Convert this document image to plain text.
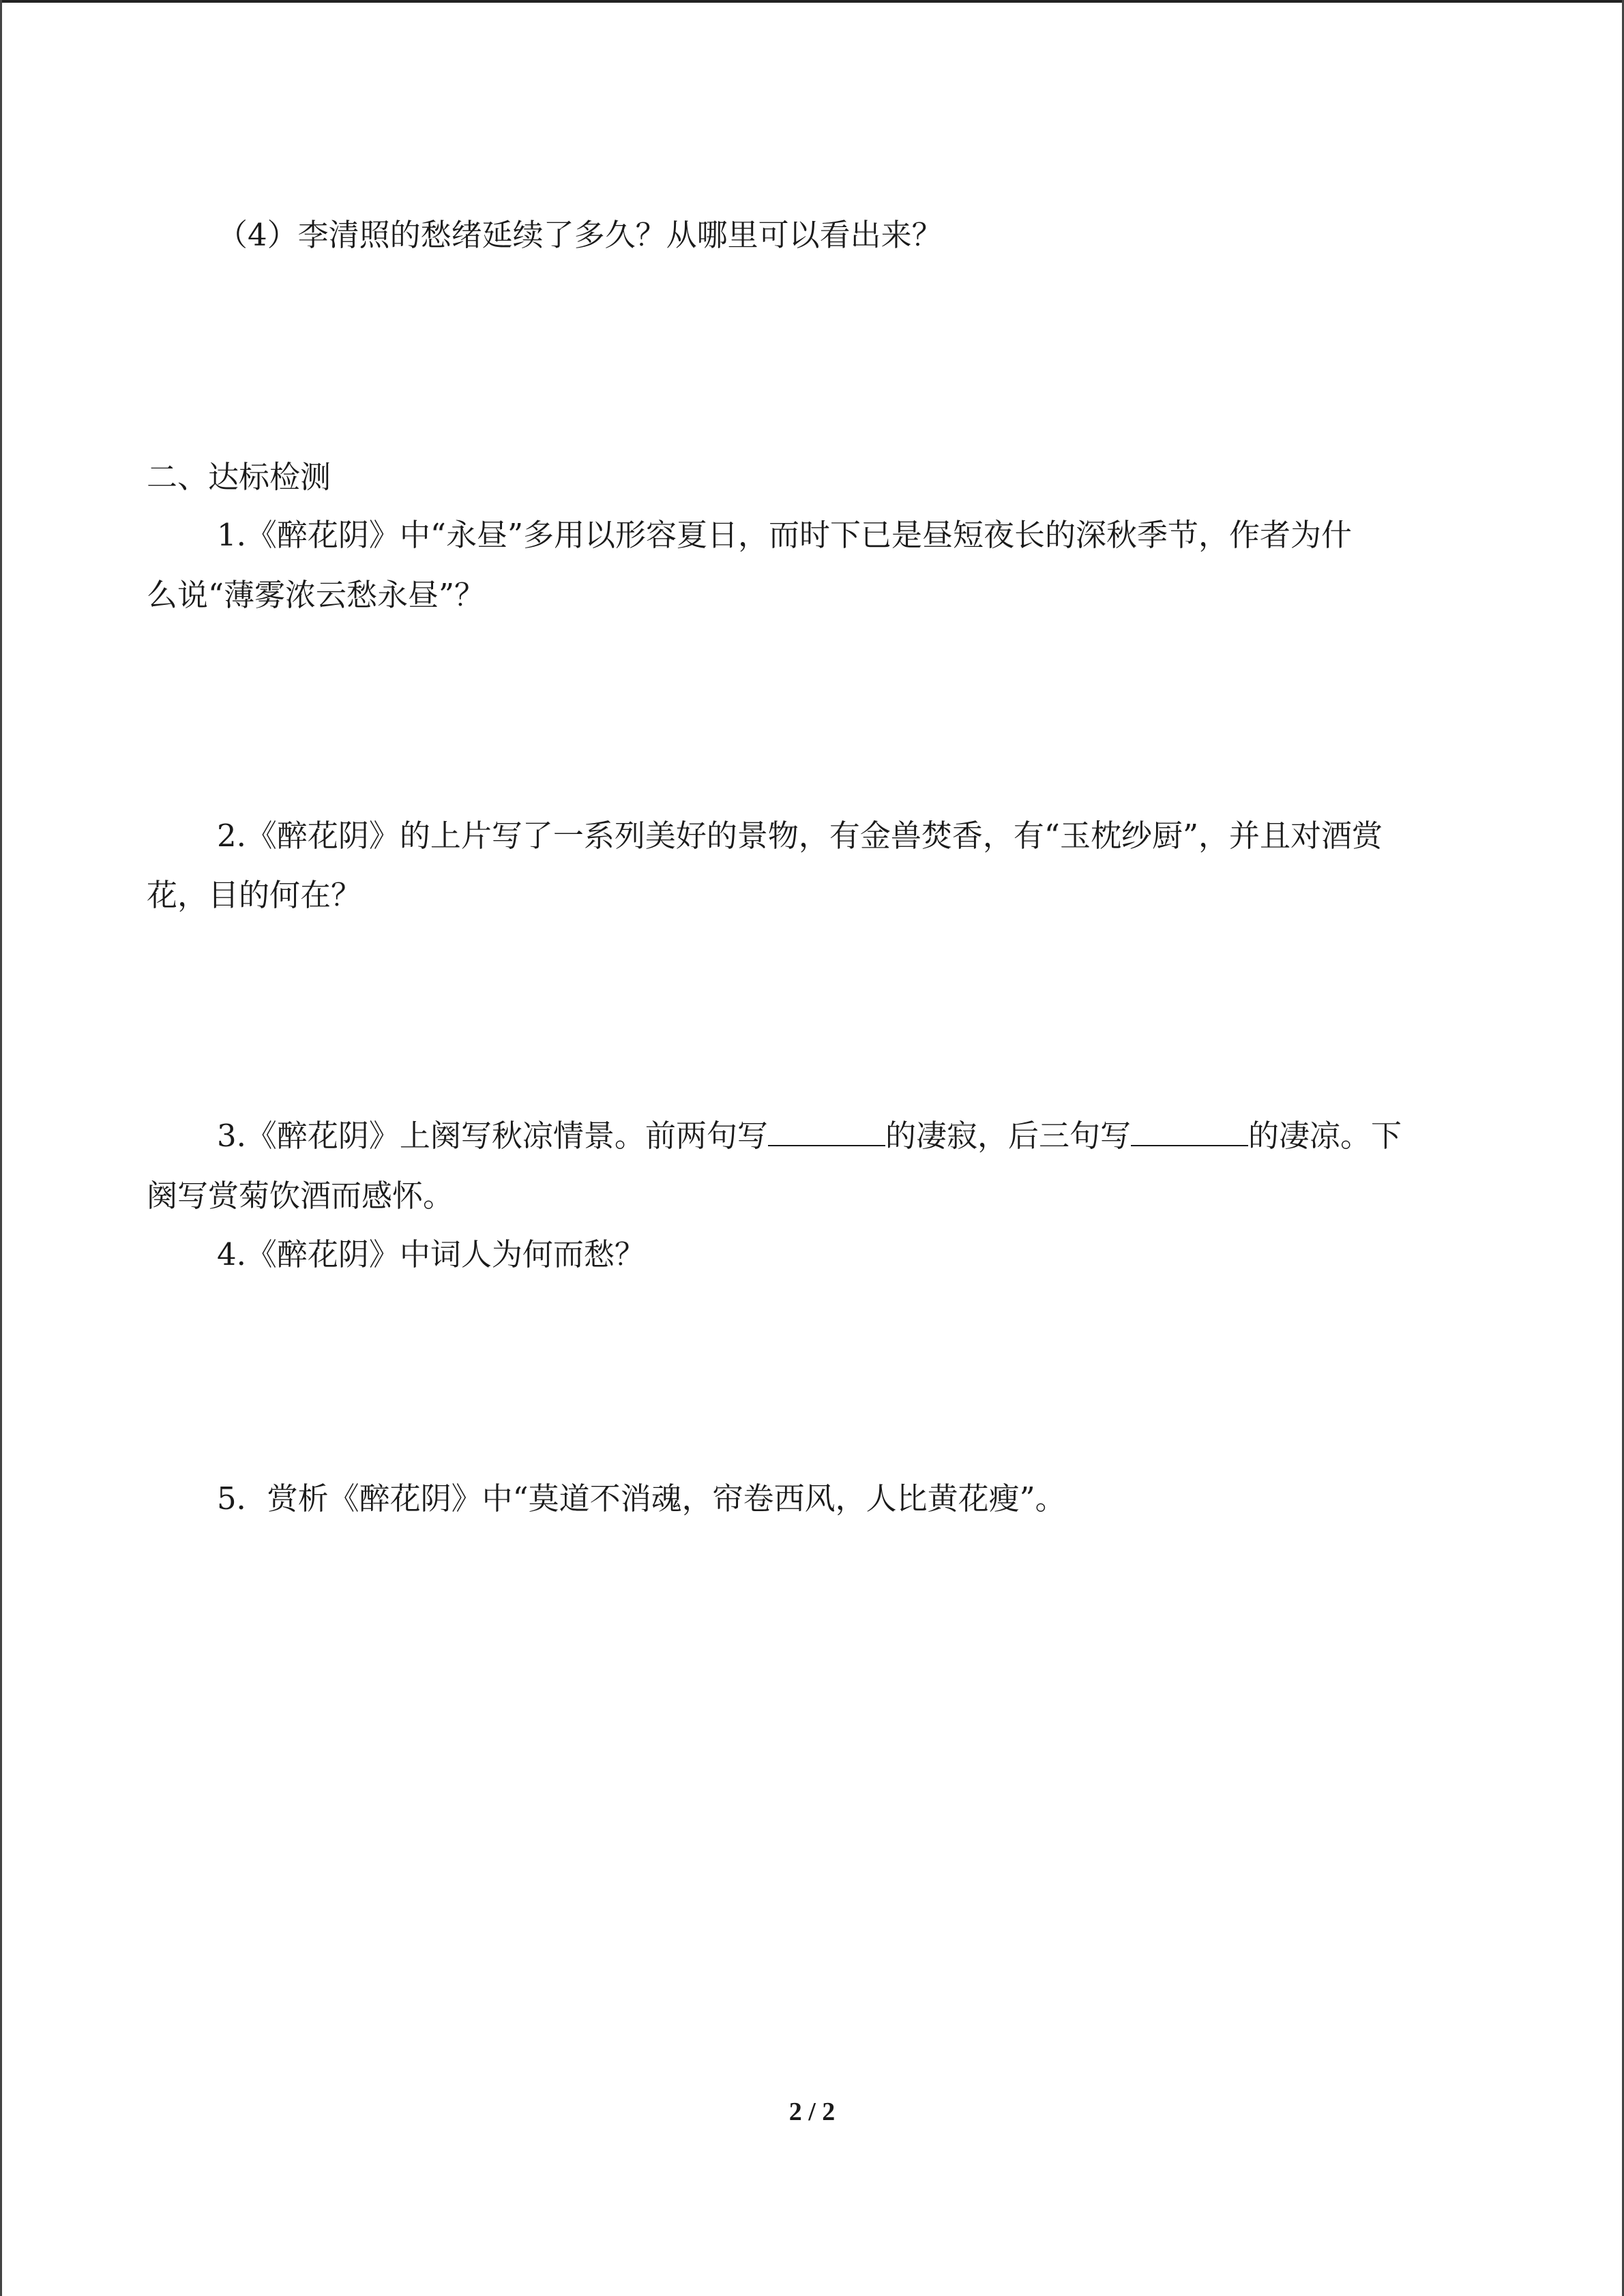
（4）李清照的愁绪延续了多久？从哪里可以看出来？
二、达标检测
1.《醉花阴》中“永昼”多用以形容夏日，而时下已是昼短夜长的深秋季节，作者为什
么说“薄雾浓云愁永昼”？
2.《醉花阴》的上片写了一系列美好的景物，有金兽焚香，有“玉枕纱厨”，并且对酒赏
花，目的何在？
3.《醉花阴》上阕写秋凉情景。前两句写	的凄寂，后三句写	的凄凉。下
阕写赏菊饮酒而感怀。
4.《醉花阴》中词人为何而愁？
5．赏析《醉花阴》中“莫道不消魂，帘卷西风，人比黄花瘦”。
2 / 2
